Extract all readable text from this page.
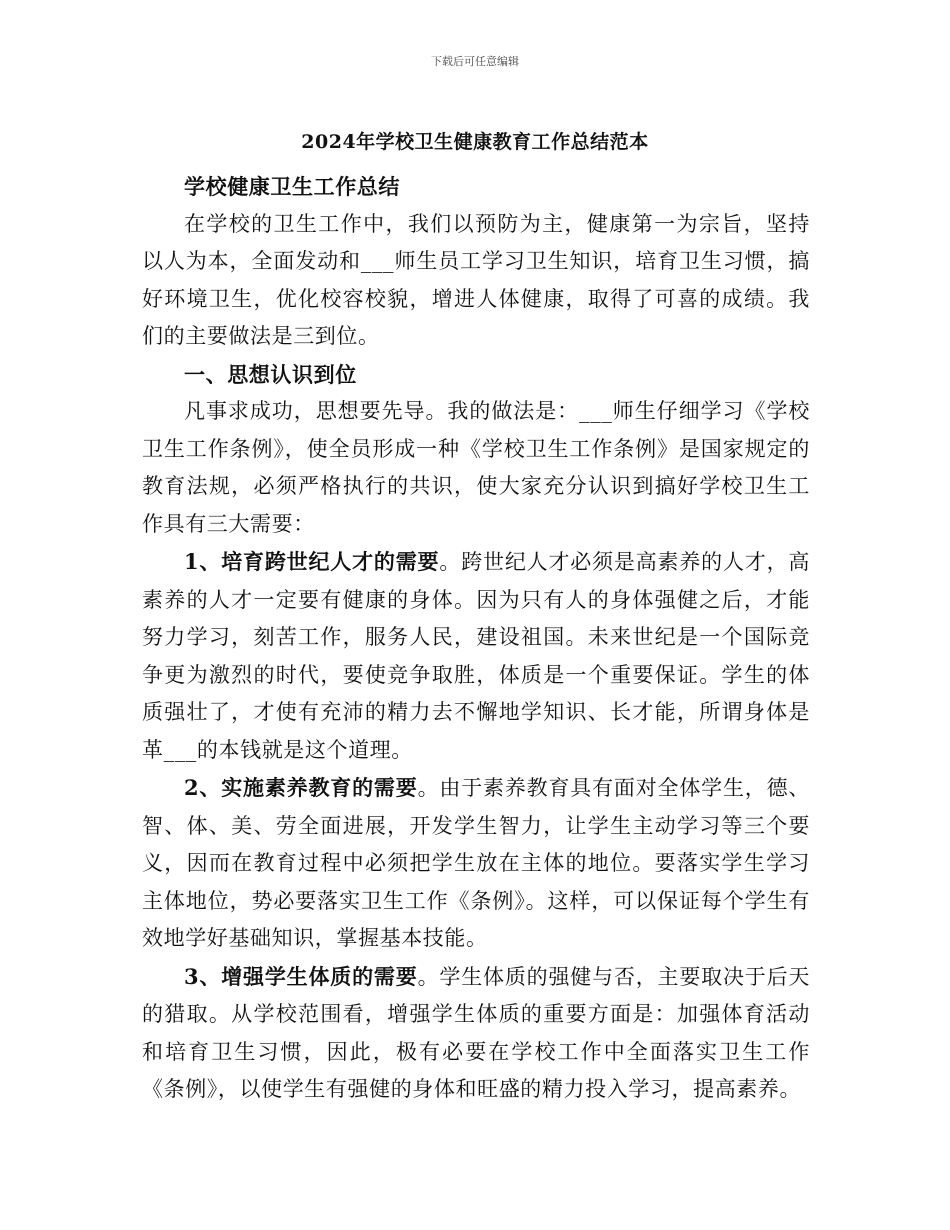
下载后可任意编辑
2024年学校卫生健康教育工作总结范本

学校健康卫生工作总结

在学校的卫生工作中，我们以预防为主，健康第一为宗旨，坚持以人为本，全面发动和___师生员工学习卫生知识，培育卫生习惯，搞好环境卫生，优化校容校貌，增进人体健康，取得了可喜的成绩。我们的主要做法是三到位。

一、思想认识到位

凡事求成功，思想要先导。我的做法是：___师生仔细学习《学校卫生工作条例》，使全员形成一种《学校卫生工作条例》是国家规定的教育法规，必须严格执行的共识，使大家充分认识到搞好学校卫生工作具有三大需要：

1、培育跨世纪人才的需要。跨世纪人才必须是高素养的人才，高素养的人才一定要有健康的身体。因为只有人的身体强健之后，才能努力学习，刻苦工作，服务人民，建设祖国。未来世纪是一个国际竞争更为激烈的时代，要使竞争取胜，体质是一个重要保证。学生的体质强壮了，才使有充沛的精力去不懈地学知识、长才能，所谓身体是革___的本钱就是这个道理。

2、实施素养教育的需要。由于素养教育具有面对全体学生，德、智、体、美、劳全面进展，开发学生智力，让学生主动学习等三个要义，因而在教育过程中必须把学生放在主体的地位。要落实学生学习主体地位，势必要落实卫生工作《条例》。这样，可以保证每个学生有效地学好基础知识，掌握基本技能。

3、增强学生体质的需要。学生体质的强健与否，主要取决于后天的猎取。从学校范围看，增强学生体质的重要方面是：加强体育活动和培育卫生习惯，因此，极有必要在学校工作中全面落实卫生工作《条例》，以使学生有强健的身体和旺盛的精力投入学习，提高素养。
